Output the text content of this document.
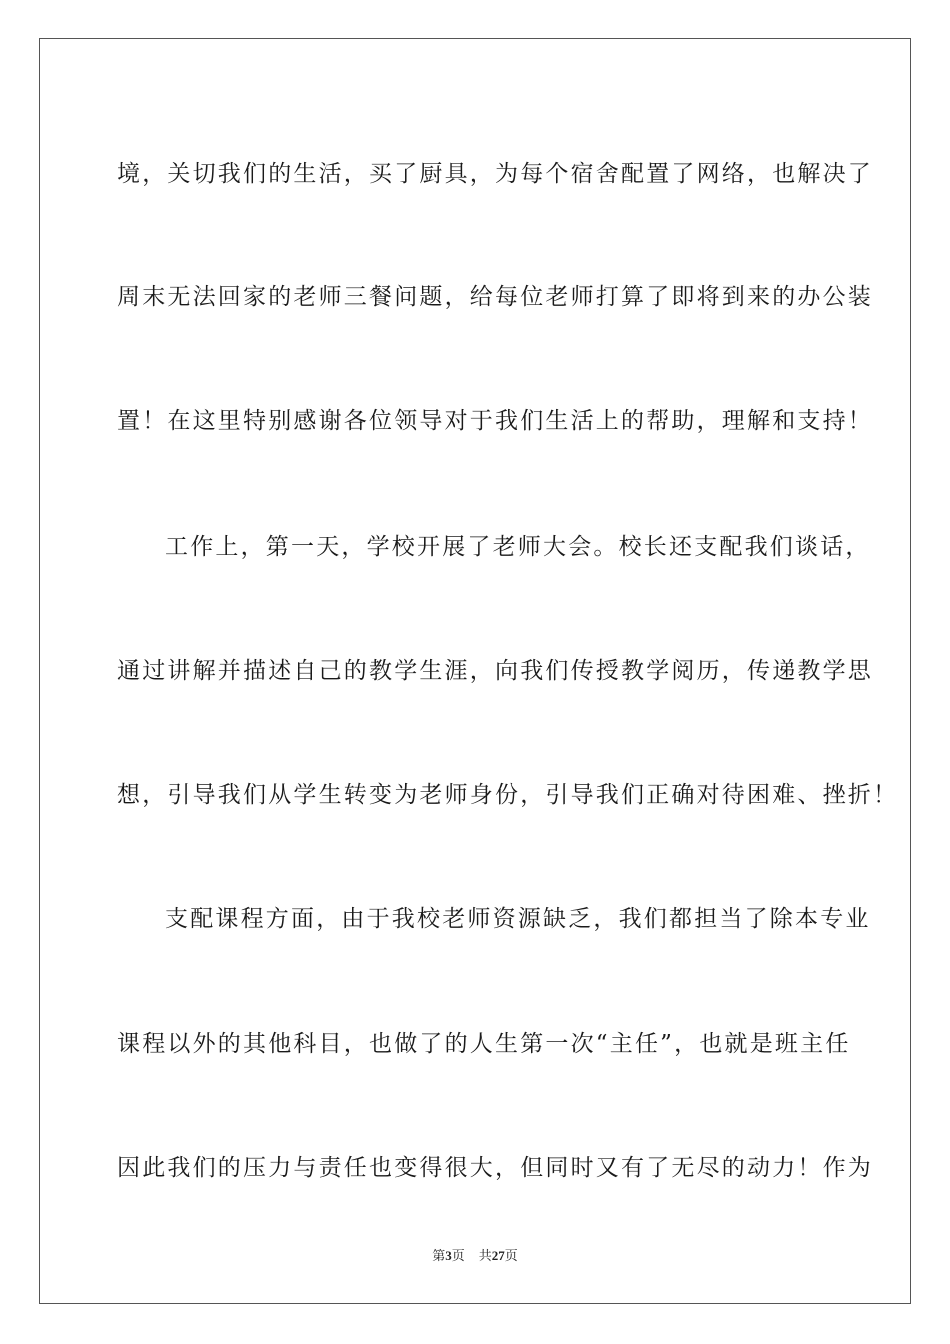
境，关切我们的生活，买了厨具，为每个宿舍配置了网络，也解决了

周末无法回家的老师三餐问题，给每位老师打算了即将到来的办公装

置！在这里特别感谢各位领导对于我们生活上的帮助，理解和支持！

工作上，第一天，学校开展了老师大会。校长还支配我们谈话，

通过讲解并描述自己的教学生涯，向我们传授教学阅历，传递教学思

想，引导我们从学生转变为老师身份，引导我们正确对待困难、挫折！

支配课程方面，由于我校老师资源缺乏，我们都担当了除本专业

课程以外的其他科目，也做了的人生第一次“主任”，也就是班主任

因此我们的压力与责任也变得很大，但同时又有了无尽的动力！作为

第3页 共27页
